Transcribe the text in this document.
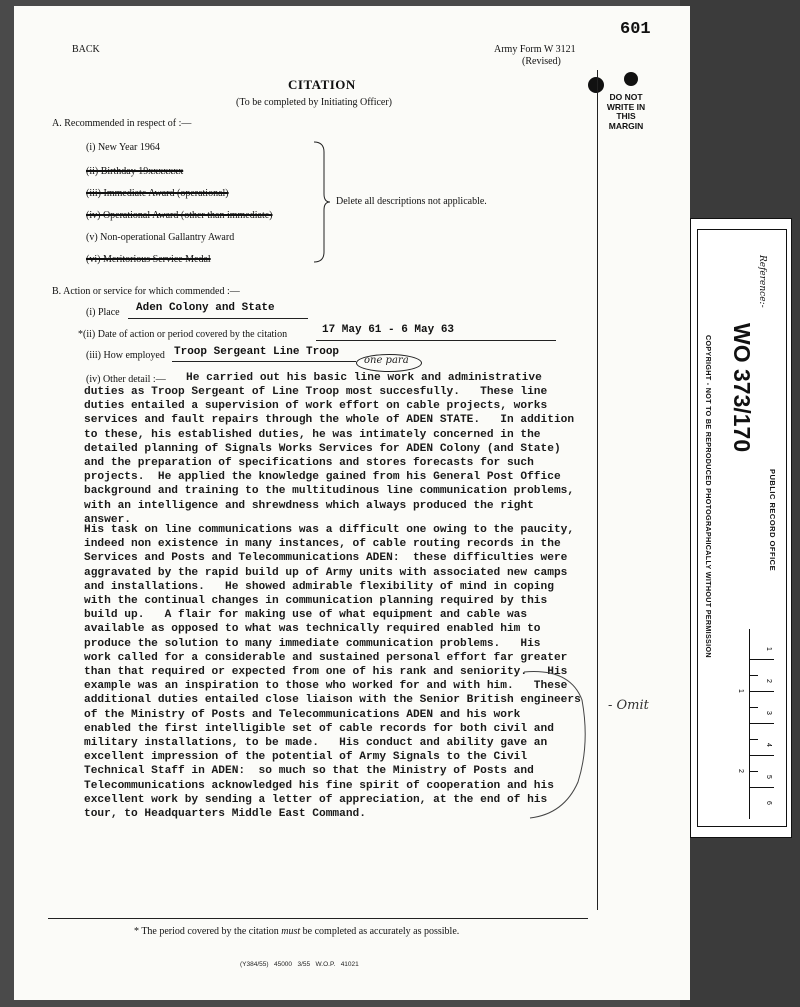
601
BACK	Army Form W 3121
(Revised)
CITATION
(To be completed by Initiating Officer)	DO NOT
WRITE IN
THIS
MARGIN
A. Recommended in respect of :—
(i) New Year 1964
(ii) Birthday 19xxxxxxx
(iii) Immediate Award (operational)
(iv) Operational Award (other than immediate)
(v) Non-operational Gallantry Award
(vi) Meritorious Service Medal
Delete all descriptions not applicable.
B. Action or service for which commended :—
(i) Place Aden Colony and State
*(ii) Date of action or period covered by the citation	17 May 61 - 6 May 63
(iii) How employed Troop Sergeant Line Troop
one para
(iv) Other detail :— He carried out his basic line work and administrative
duties as Troop Sergeant of Line Troop most succesfully.   These line
duties entailed a supervision of work effort on cable projects, works
services and fault repairs through the whole of ADEN STATE.   In addition
to these, his established duties, he was intimately concerned in the
detailed planning of Signals Works Services for ADEN Colony (and State)
and the preparation of specifications and stores forecasts for such
projects.  He applied the knowledge gained from his General Post Office
background and training to the multitudinous line communication problems,
with an intelligence and shrewdness which always produced the right
answer.
His task on line communications was a difficult one owing to the paucity,
indeed non existence in many instances, of cable routing records in the
Services and Posts and Telecommunications ADEN:  these difficulties were
aggravated by the rapid build up of Army units with associated new camps
and installations.   He showed admirable flexibility of mind in coping
with the continual changes in communication planning required by this
build up.   A flair for making use of what equipment and cable was
available as opposed to what was technically required enabled him to
produce the solution to many immediate communication problems.   His
work called for a considerable and sustained personal effort far greater
than that required or expected from one of his rank and seniority.   His
example was an inspiration to those who worked for and with him.   These
additional duties entailed close liaison with the Senior British engineers
of the Ministry of Posts and Telecommunications ADEN and his work
enabled the first intelligible set of cable records for both civil and
military installations, to be made.   His conduct and ability gave an
excellent impression of the potential of Army Signals to the Civil
Technical Staff in ADEN:  so much so that the Ministry of Posts and
Telecommunications acknowledged his fine spirit of cooperation and his
excellent work by sending a letter of appreciation, at the end of his
tour, to Headquarters Middle East Command.
- Omit
* The period covered by the citation must be completed as accurately as possible.
(Y384/55)   45000   3/55   W.O.P.   41021
Reference:-
WO 373/170
COPYRIGHT - NOT TO BE REPRODUCED PHOTOGRAPHICALLY WITHOUT PERMISSION	PUBLIC RECORD OFFICE
1
2
3
4
5
6
1
2
